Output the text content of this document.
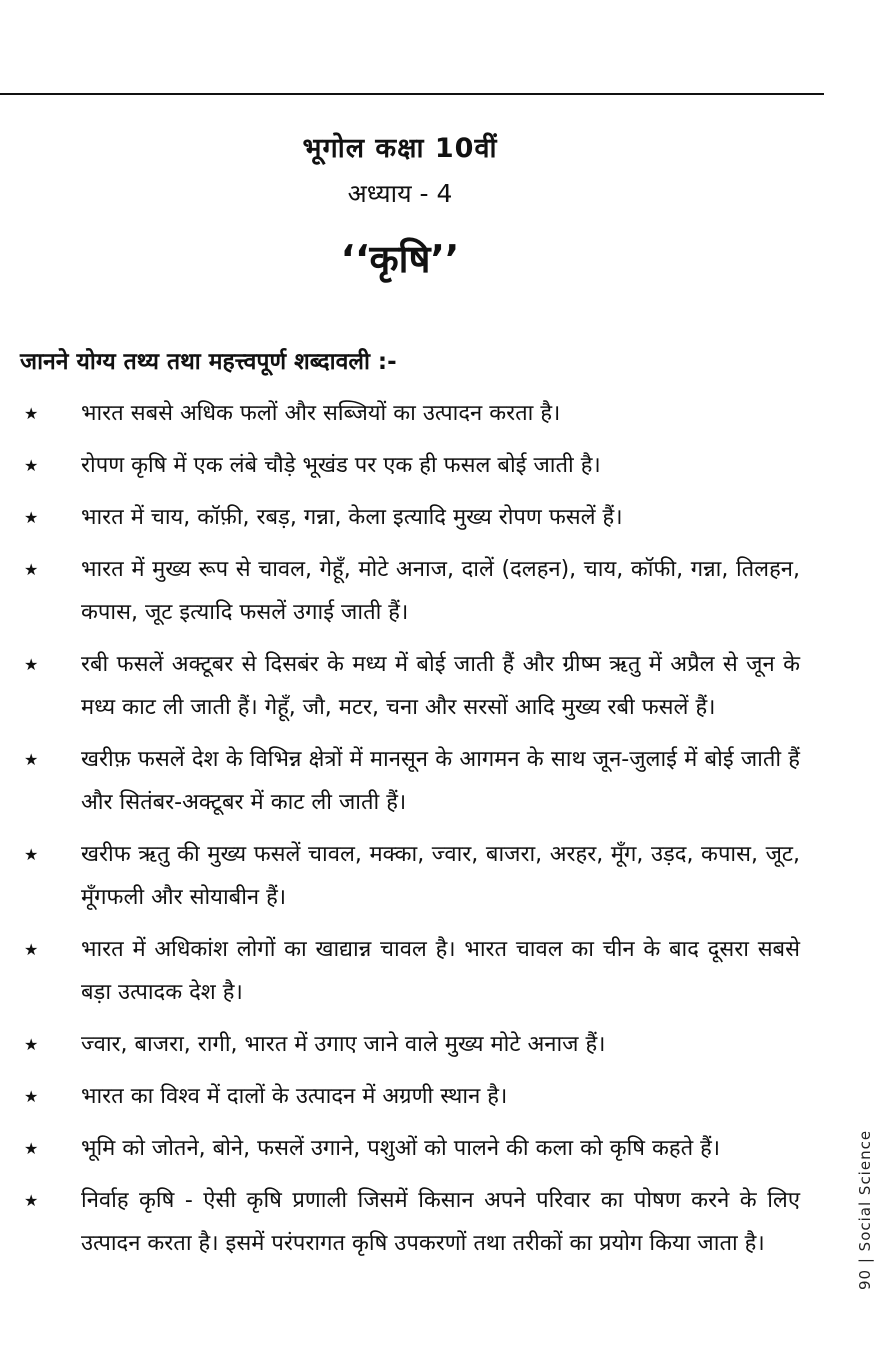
भूगोल कक्षा 10वीं
अध्याय - 4
‘‘कृषि’’
जानने योग्य तथ्य तथा महत्त्वपूर्ण शब्दावली :-
★ भारत सबसे अधिक फलों और सब्जियों का उत्पादन करता है।
★ रोपण कृषि में एक लंबे चौड़े भूखंड पर एक ही फसल बोई जाती है।
★ भारत में चाय, कॉफ़ी, रबड़, गन्ना, केला इत्यादि मुख्य रोपण फसलें हैं।
★ भारत में मुख्य रूप से चावल, गेहूँ, मोटे अनाज, दालें (दलहन), चाय, कॉफी, गन्ना, तिलहन, कपास, जूट इत्यादि फसलें उगाई जाती हैं।
★ रबी फसलें अक्टूबर से दिसबंर के मध्य में बोई जाती हैं और ग्रीष्म ऋतु में अप्रैल से जून के मध्य काट ली जाती हैं। गेहूँ, जौ, मटर, चना और सरसों आदि मुख्य रबी फसलें हैं।
★ खरीफ़ फसलें देश के विभिन्न क्षेत्रों में मानसून के आगमन के साथ जून-जुलाई में बोई जाती हैं और सितंबर-अक्टूबर में काट ली जाती हैं।
★ खरीफ ऋतु की मुख्य फसलें चावल, मक्का, ज्वार, बाजरा, अरहर, मूँग, उड़द, कपास, जूट, मूँगफली और सोयाबीन हैं।
★ भारत में अधिकांश लोगों का खाद्यान्न चावल है। भारत चावल का चीन के बाद दूसरा सबसे बड़ा उत्पादक देश है।
★ ज्वार, बाजरा, रागी, भारत में उगाए जाने वाले मुख्य मोटे अनाज हैं।
★ भारत का विश्व में दालों के उत्पादन में अग्रणी स्थान है।
★ भूमि को जोतने, बोने, फसलें उगाने, पशुओं को पालने की कला को कृषि कहते हैं।
★ निर्वाह कृषि - ऐसी कृषि प्रणाली जिसमें किसान अपने परिवार का पोषण करने के लिए उत्पादन करता है। इसमें परंपरागत कृषि उपकरणों तथा तरीकों का प्रयोग किया जाता है।	90 | Social Science
